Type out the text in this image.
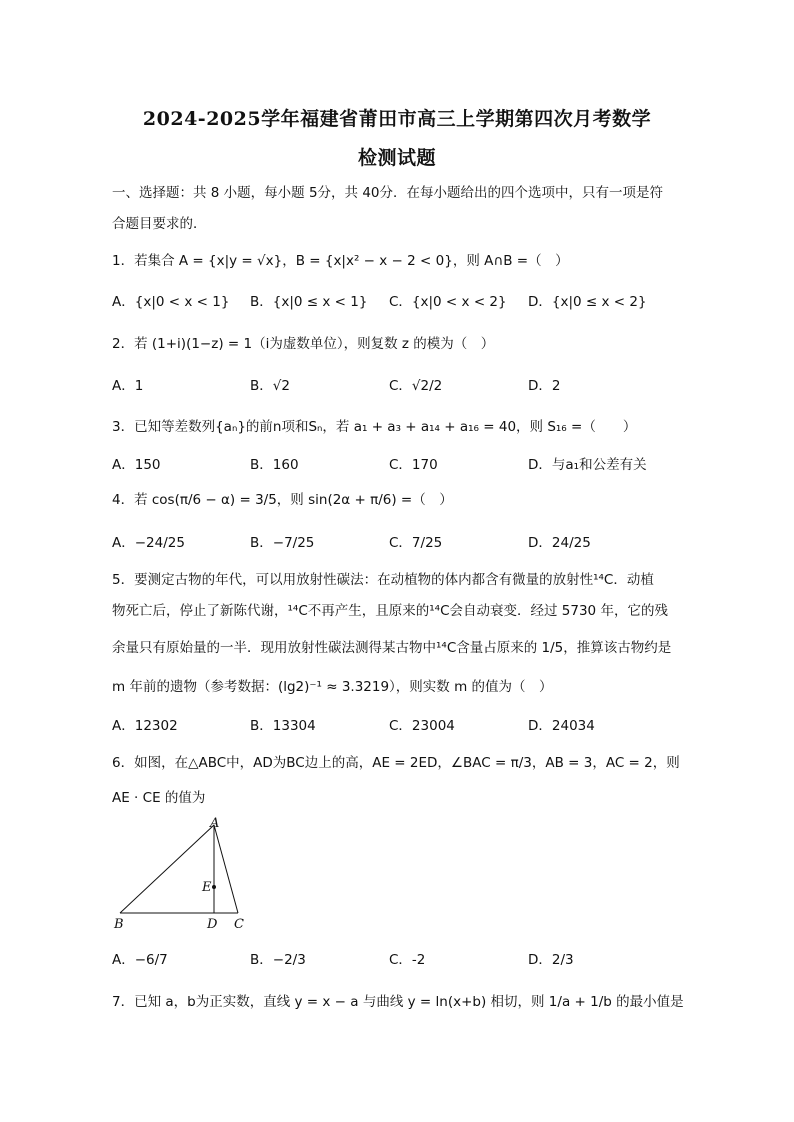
2024-2025学年福建省莆田市高三上学期第四次月考数学
检测试题
一、选择题：共 8 小题，每小题 5分，共 40分．在每小题给出的四个选项中，只有一项是符
合题目要求的．
1．若集合 A = {x|y = √x}，B = {x|x² − x − 2 < 0}，则 A∩B =（　）
A．{x|0 < x < 1} B．{x|0 ≤ x < 1} C．{x|0 < x < 2} D．{x|0 ≤ x < 2}
2．若 (1+i)(1−z) = 1（i为虚数单位），则复数 z 的模为（　）
A．1	B．√2	C．√2/2	D．2
3．已知等差数列{aₙ}的前n项和Sₙ，若 a₁ + a₃ + a₁₄ + a₁₆ = 40，则 S₁₆ =（　　）
A．150	B．160	C．170	D．与a₁和公差有关
4．若 cos(π/6 − α) = 3/5，则 sin(2α + π/6) =（　）
A．−24/25	B．−7/25	C．7/25	D．24/25
5．要测定古物的年代，可以用放射性碳法：在动植物的体内都含有微量的放射性¹⁴C．动植
物死亡后，停止了新陈代谢，¹⁴C不再产生，且原来的¹⁴C会自动衰变．经过 5730 年，它的残
余量只有原始量的一半．现用放射性碳法测得某古物中¹⁴C含量占原来的 1/5，推算该古物约是
m 年前的遗物（参考数据：(lg2)⁻¹ ≈ 3.3219），则实数 m 的值为（　）
A．12302	B．13304	C．23004	D．24034
6．如图，在△ABC中，AD为BC边上的高，AE = 2ED，∠BAC = π/3，AB = 3，AC = 2，则
AE · CE 的值为
A
B	D C
E
A．−6/7	B．−2/3	C．-2	D．2/3
7．已知 a，b为正实数，直线 y = x − a 与曲线 y = ln(x+b) 相切，则 1/a + 1/b 的最小值是
